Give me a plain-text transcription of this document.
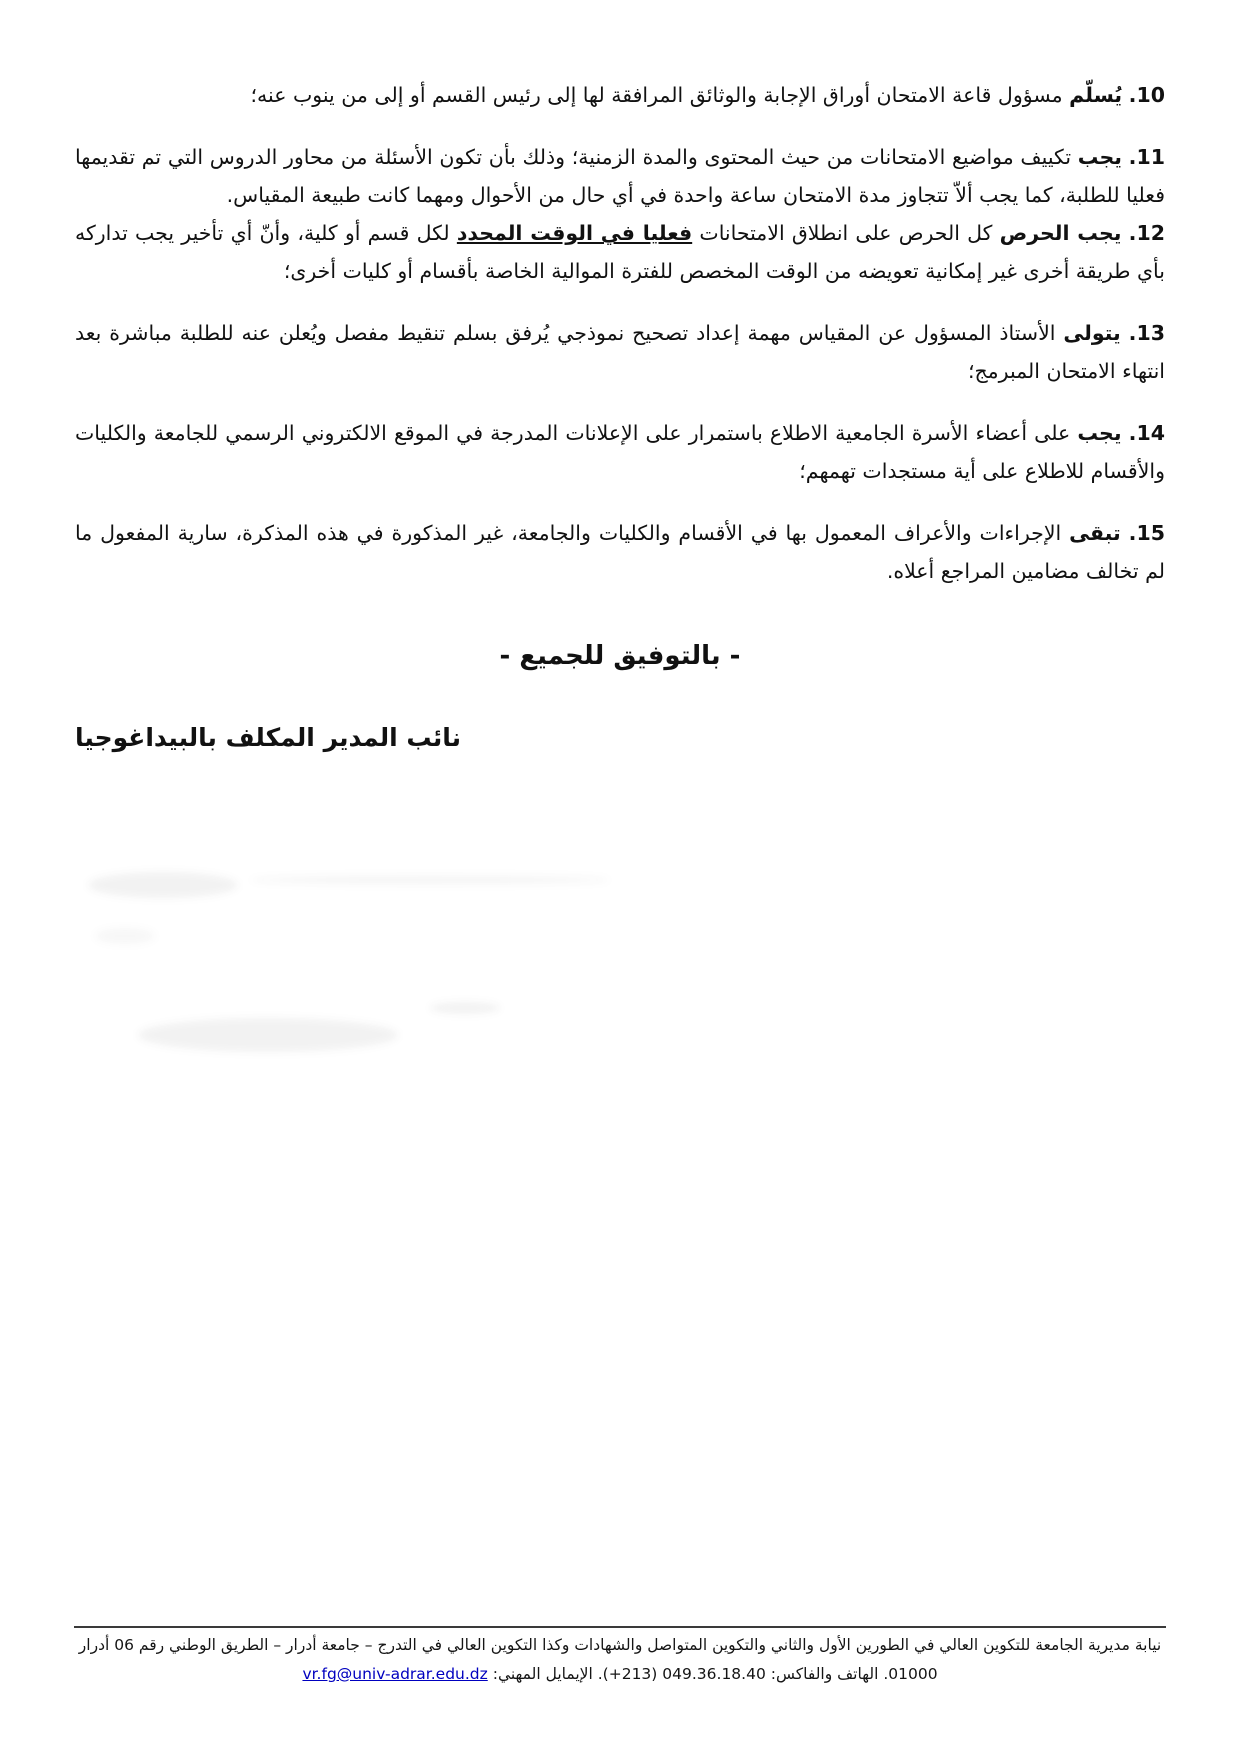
10. يُسلّم مسؤول قاعة الامتحان أوراق الإجابة والوثائق المرافقة لها إلى رئيس القسم أو إلى من ينوب عنه؛

11. يجب تكييف مواضيع الامتحانات من حيث المحتوى والمدة الزمنية؛ وذلك بأن تكون الأسئلة من محاور الدروس التي تم تقديمها فعليا للطلبة، كما يجب ألاّ تتجاوز مدة الامتحان ساعة واحدة في أي حال من الأحوال ومهما كانت طبيعة المقياس.

12. يجب الحرص كل الحرص على انطلاق الامتحانات فعليا في الوقت المحدد لكل قسم أو كلية، وأنّ أي تأخير يجب تداركه بأي طريقة أخرى غير إمكانية تعويضه من الوقت المخصص للفترة الموالية الخاصة بأقسام أو كليات أخرى؛

13. يتولى الأستاذ المسؤول عن المقياس مهمة إعداد تصحيح نموذجي يُرفق بسلم تنقيط مفصل ويُعلن عنه للطلبة مباشرة بعد انتهاء الامتحان المبرمج؛

14. يجب على أعضاء الأسرة الجامعية الاطلاع باستمرار على الإعلانات المدرجة في الموقع الالكتروني الرسمي للجامعة والكليات والأقسام للاطلاع على أية مستجدات تهمهم؛

15. تبقى الإجراءات والأعراف المعمول بها في الأقسام والكليات والجامعة، غير المذكورة في هذه المذكرة، سارية المفعول ما لم تخالف مضامين المراجع أعلاه.

- بالتوفيق للجميع -

نائب المدير المكلف بالبيداغوجيا

نيابة مديرية الجامعة للتكوين العالي في الطورين الأول والثاني والتكوين المتواصل والشهادات وكذا التكوين العالي في التدرج – جامعة أدرار – الطريق الوطني رقم 06 أدرار 01000. الهاتف والفاكس: 049.36.18.40 (+213). الإيمايل المهني: vr.fg@univ-adrar.edu.dz
